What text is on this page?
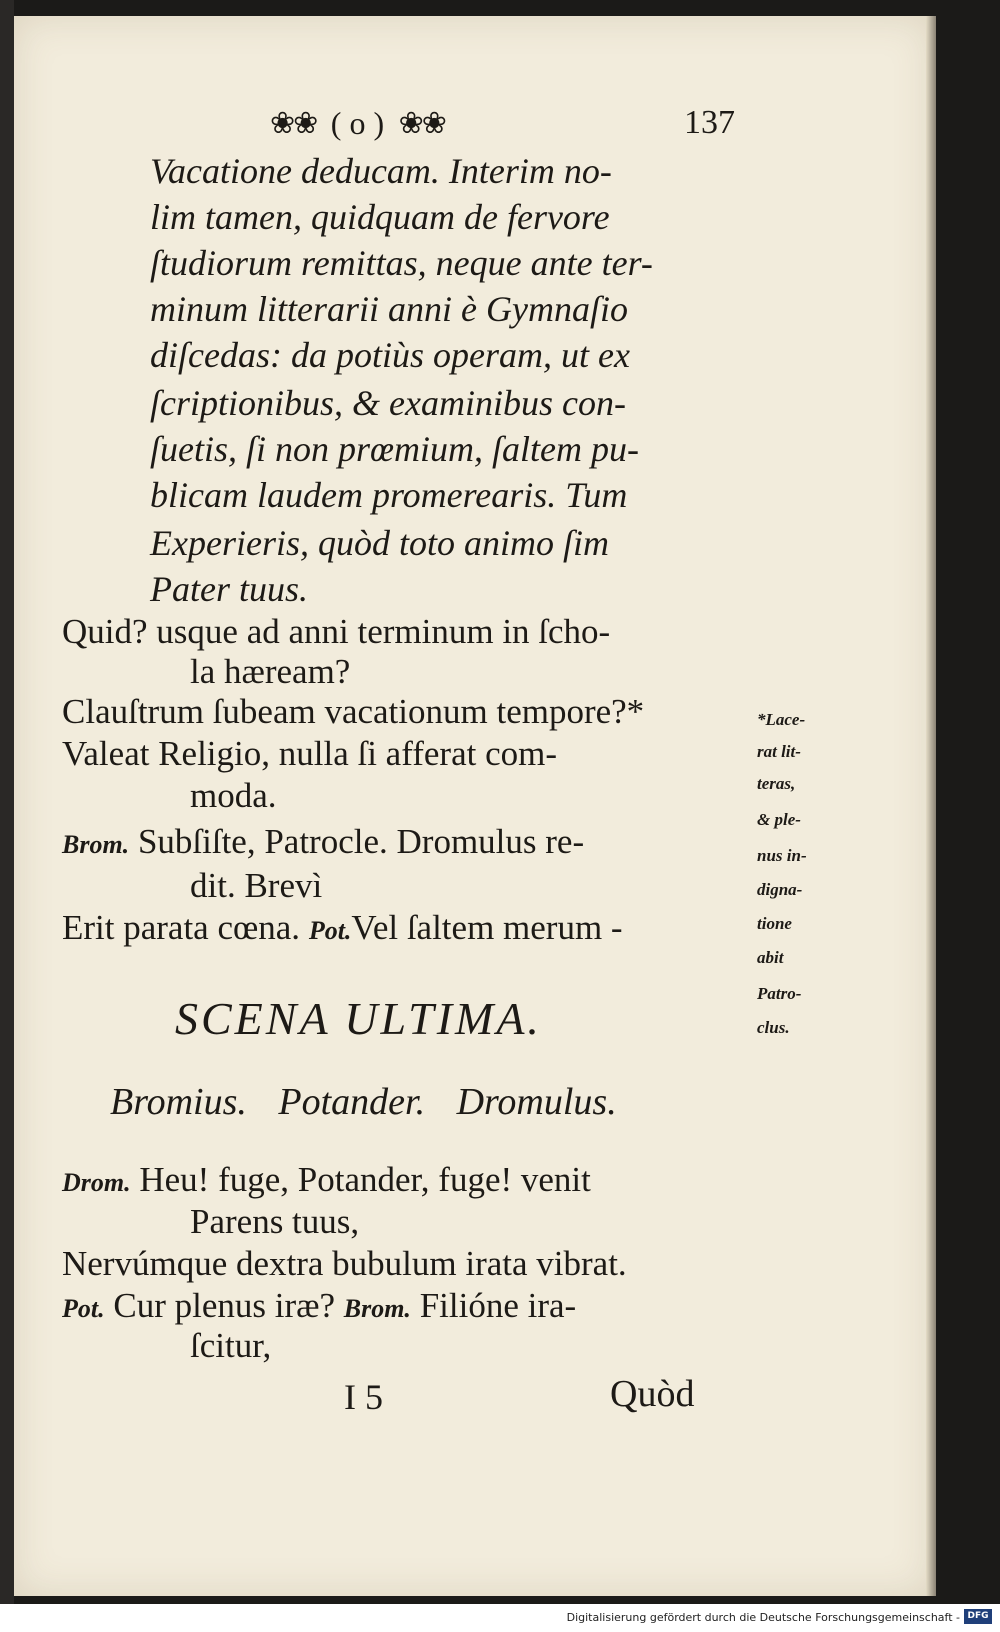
❀❀ ( o ) ❀❀	137
Vacatione deducam. Interim no-
lim tamen, quidquam de fervore
ſtudiorum remittas, neque ante ter-
minum litterarii anni è Gymnaſio
diſcedas: da potiùs operam, ut ex
ſcriptionibus, & examinibus con-
ſuetis, ſi non prœmium, ſaltem pu-
blicam laudem promerearis. Tum
Experieris, quòd toto animo ſim
Pater tuus.
Quid? usque ad anni terminum in ſcho-
la hæream?
Clauſtrum ſubeam vacationum tempore?*
Valeat Religio, nulla ſi afferat com-
moda.
Brom. Subſiſte, Patrocle. Dromulus re-
dit. Brevì
Erit parata cœna. Pot.Vel ſaltem merum -
*Lace-
rat lit-
teras,
& ple-
nus in-
digna-
tione
abit
Patro-
clus.
SCENA ULTIMA.
Bromius. Potander. Dromulus.
Drom. Heu! fuge, Potander, fuge! venit
Parens tuus,
Nervúmque dextra bubulum irata vibrat.
Pot. Cur plenus iræ? Brom. Filióne ira-
ſcitur,
I 5	Quòd
Digitalisierung gefördert durch die Deutsche Forschungsgemeinschaft - DFG
